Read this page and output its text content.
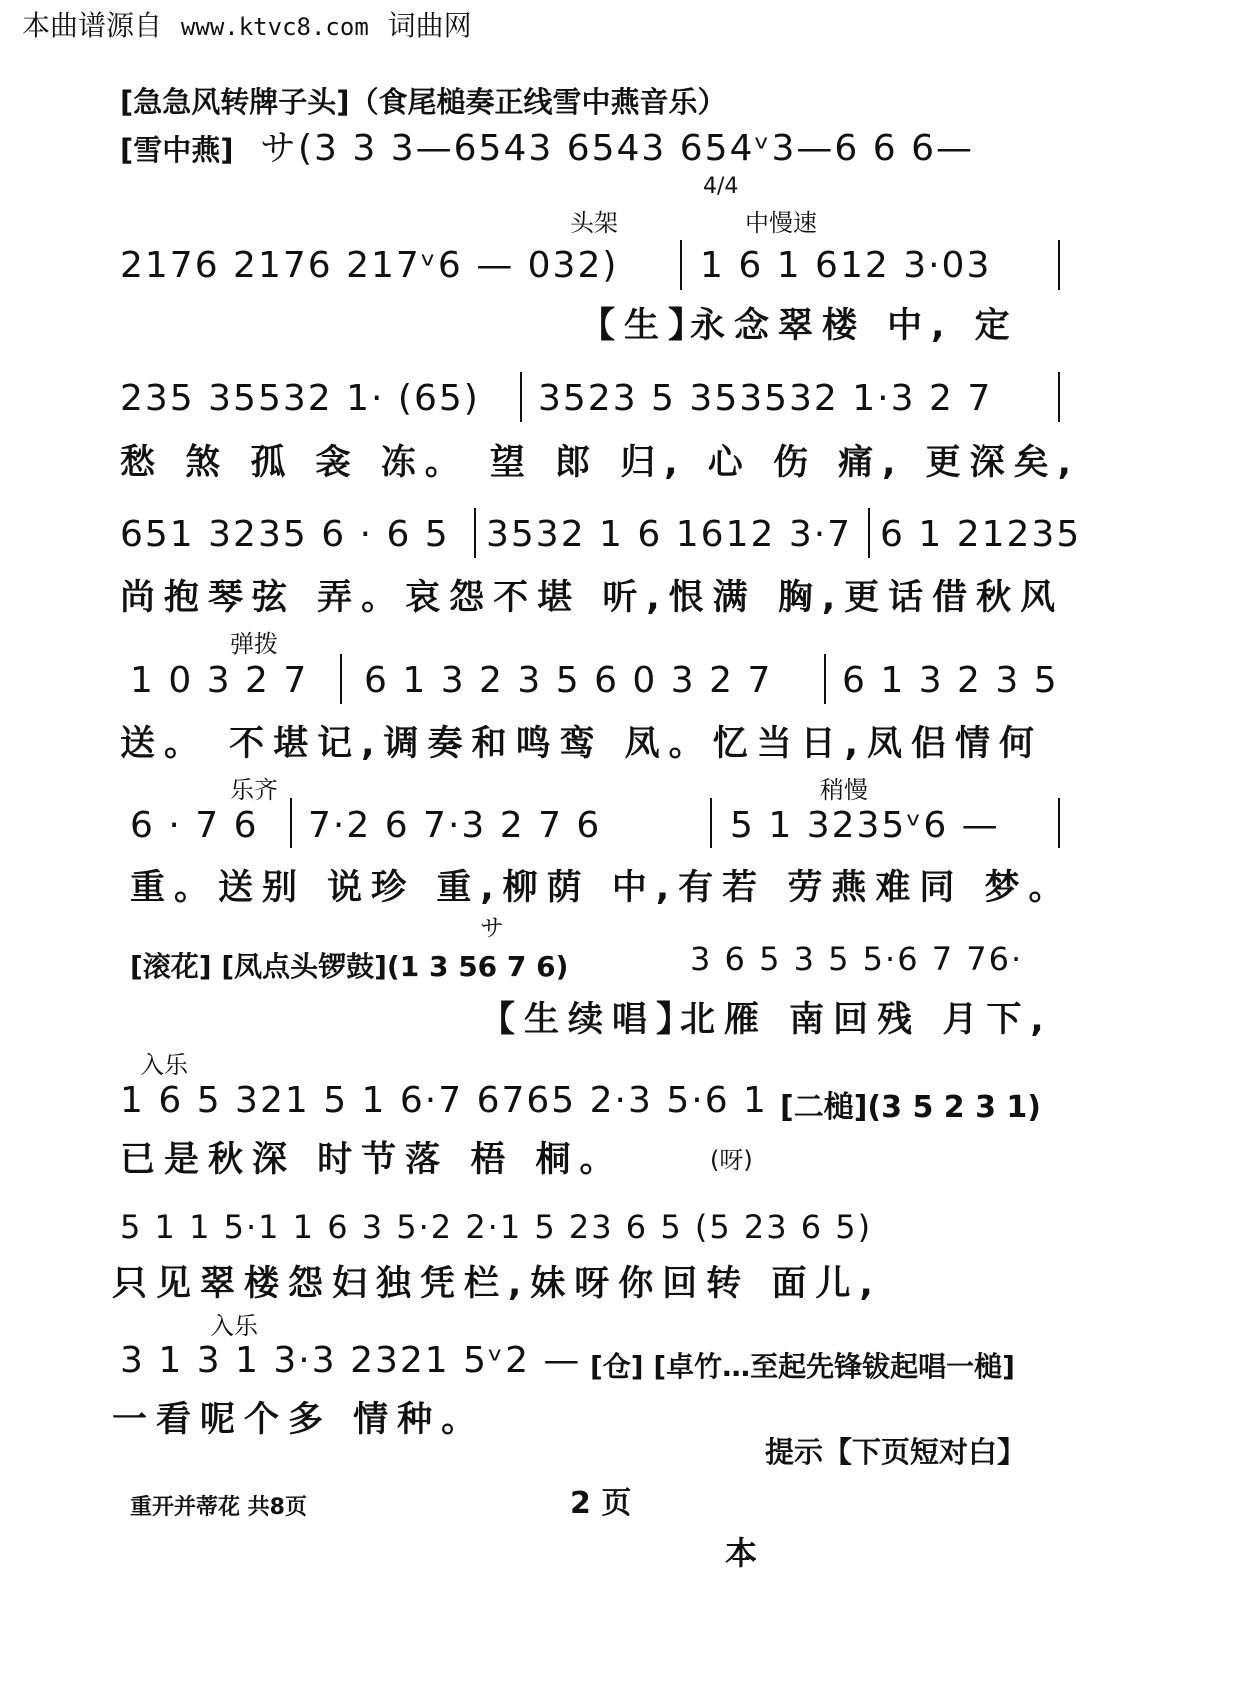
本曲谱源自 www.ktvc8.com 词曲网
[急急风转牌子头]（食尾槌奏正线雪中燕音乐）
[雪中燕] サ(3 3 3—6543 6543 654ᵛ3—6 6 6—
头架
4/4
中慢速
2176 2176 217ᵛ6 — 032) 1 6 1 612 3·03
【生】
永念翠楼 中, 定
235 35532 1· (65) 3523 5 353532 1·3 2 7
愁 煞 孤 衾 冻。 望 郎 归, 心 伤 痛, 更深矣,
651 3235 6 · 6 5 3532 1 6 1612 3·7 6 1 21235
尚抱琴弦 弄。哀怨不堪 听,恨满 胸,更话借秋风
弹拨
1 0 3 2 7 6 1 3 2 3 5 6 0 3 2 7 6 1 3 2 3 5
送。 不堪记,调奏和鸣鸾 凤。忆当日,凤侣情何
乐齐	稍慢
6 · 7 6 7·2 6 7·3 2 7 6	5 1 3235ᵛ6 —
重。送别 说珍 重,柳荫 中,有若 劳燕难同 梦。
サ
[滚花] [凤点头锣鼓](1 3 56 7 6)	3 6 5 3 5 5·6 7 76·
【生续唱】
北雁 南回残 月下,
入乐
1 6 5 321 5 1 6·7 6765 2·3 5·6 1 [二槌](3 5 2 3 1)
已是秋深 时节落 梧 桐。	(呀)
5 1 1 5·1 1 6 3 5·2 2·1 5 23 6 5 (5 23 6 5)
只见翠楼怨妇独凭栏,妹呀你回转 面儿,
入乐
3 1 3 1 3·3 2321 5ᵛ2 — [仓] [卓竹…至起先锋钹起唱一槌]
一看呢个多 情种。
提示【下页短对白】
重开并蒂花 共8页	2 页
本
